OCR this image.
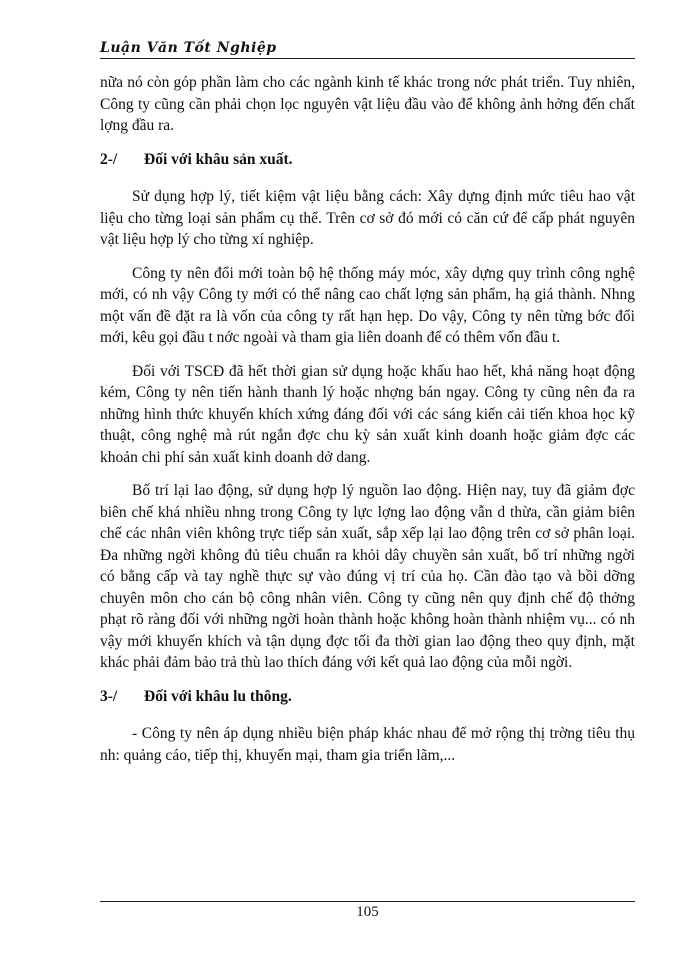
Luận Văn Tốt Nghiệp

nữa nó còn góp phần làm cho các ngành kinh tế khác trong nớc phát triển. Tuy nhiên, Công ty cũng cần phải chọn lọc nguyên vật liệu đầu vào để không ảnh hởng đến chất lợng đầu ra.

2-/ Đối với khâu sản xuất.

Sử dụng hợp lý, tiết kiệm vật liệu bằng cách: Xây dựng định mức tiêu hao vật liệu cho từng loại sản phẩm cụ thể. Trên cơ sở đó mới có căn cứ để cấp phát nguyên vật liệu hợp lý cho từng xí nghiệp.

Công ty nên đổi mới toàn bộ hệ thống máy móc, xây dựng quy trình công nghệ mới, có nh vậy Công ty mới có thể nâng cao chất lợng sản phẩm, hạ giá thành. Nhng một vấn đề đặt ra là vốn của công ty rất hạn hẹp. Do vậy, Công ty nên từng bớc đổi mới, kêu gọi đầu t nớc ngoài và tham gia liên doanh để có thêm vốn đầu t.

Đối với TSCĐ đã hết thời gian sử dụng hoặc khấu hao hết, khả năng hoạt động kém, Công ty nên tiến hành thanh lý hoặc nhợng bán ngay. Công ty cũng nên đa ra những hình thức khuyến khích xứng đáng đối với các sáng kiến cải tiến khoa học kỹ thuật, công nghệ mà rút ngắn đợc chu kỳ sản xuất kinh doanh hoặc giảm đợc các khoản chi phí sản xuất kinh doanh dở dang.

Bố trí lại lao động, sử dụng hợp lý nguồn lao động. Hiện nay, tuy đã giảm đợc biên chế khá nhiều nhng trong Công ty lực lợng lao động vẫn d thừa, cần giảm biên chế các nhân viên không trực tiếp sản xuất, sắp xếp lại lao động trên cơ sở phân loại. Đa những ngời không đủ tiêu chuẩn ra khỏi dây chuyền sản xuất, bố trí những ngời có bằng cấp và tay nghề thực sự vào đúng vị trí của họ. Cần đào tạo và bồi dỡng chuyên môn cho cán bộ công nhân viên. Công ty cũng nên quy định chế độ thởng phạt rõ ràng đối với những ngời hoàn thành hoặc không hoàn thành nhiệm vụ... có nh vậy mới khuyến khích và tận dụng đợc tối đa thời gian lao động theo quy định, mặt khác phải đảm bảo trả thù lao thích đáng với kết quả lao động của mỗi ngời.

3-/ Đối với khâu lu thông.

- Công ty nên áp dụng nhiều biện pháp khác nhau để mở rộng thị trờng tiêu thụ nh: quảng cáo, tiếp thị, khuyến mại, tham gia triển lãm,...

105
